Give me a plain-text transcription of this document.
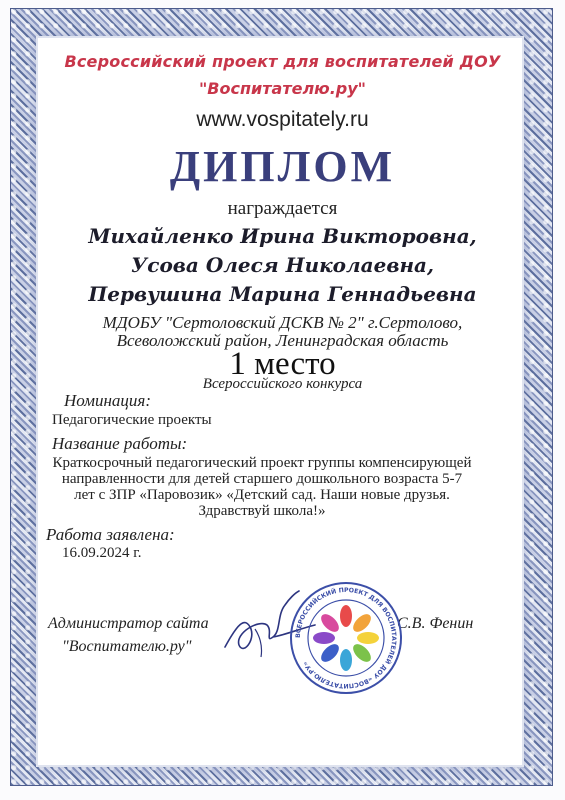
Всероссийский проект для воспитателей ДОУ

"Воспитателю.ру"

www.vospitately.ru

ДИПЛОМ

награждается

Михайленко Ирина Викторовна,

Усова Олеся Николаевна,

Первушина Марина Геннадьевна

МДОБУ "Сертоловский ДСКВ № 2" г.Сертолово,

Всеволожский район, Ленинградская область

1 место

Всероссийского конкурса

Номинация:

Педагогические проекты

Название работы:

Краткосрочный педагогический проект группы компенсирующей направленности для детей старшего дошкольного возраста 5-7 лет с ЗПР «Паровозик» «Детский сад. Наши новые друзья. Здравствуй школа!»

Работа заявлена:

16.09.2024 г.

Администратор сайта

"Воспитателю.ру"

С.В. Фенин

ВСЕРОССИЙСКИЙ ПРОЕКТ ДЛЯ ВОСПИТАТЕЛЕЙ ДОУ «ВОСПИТАТЕЛЮ.РУ»
